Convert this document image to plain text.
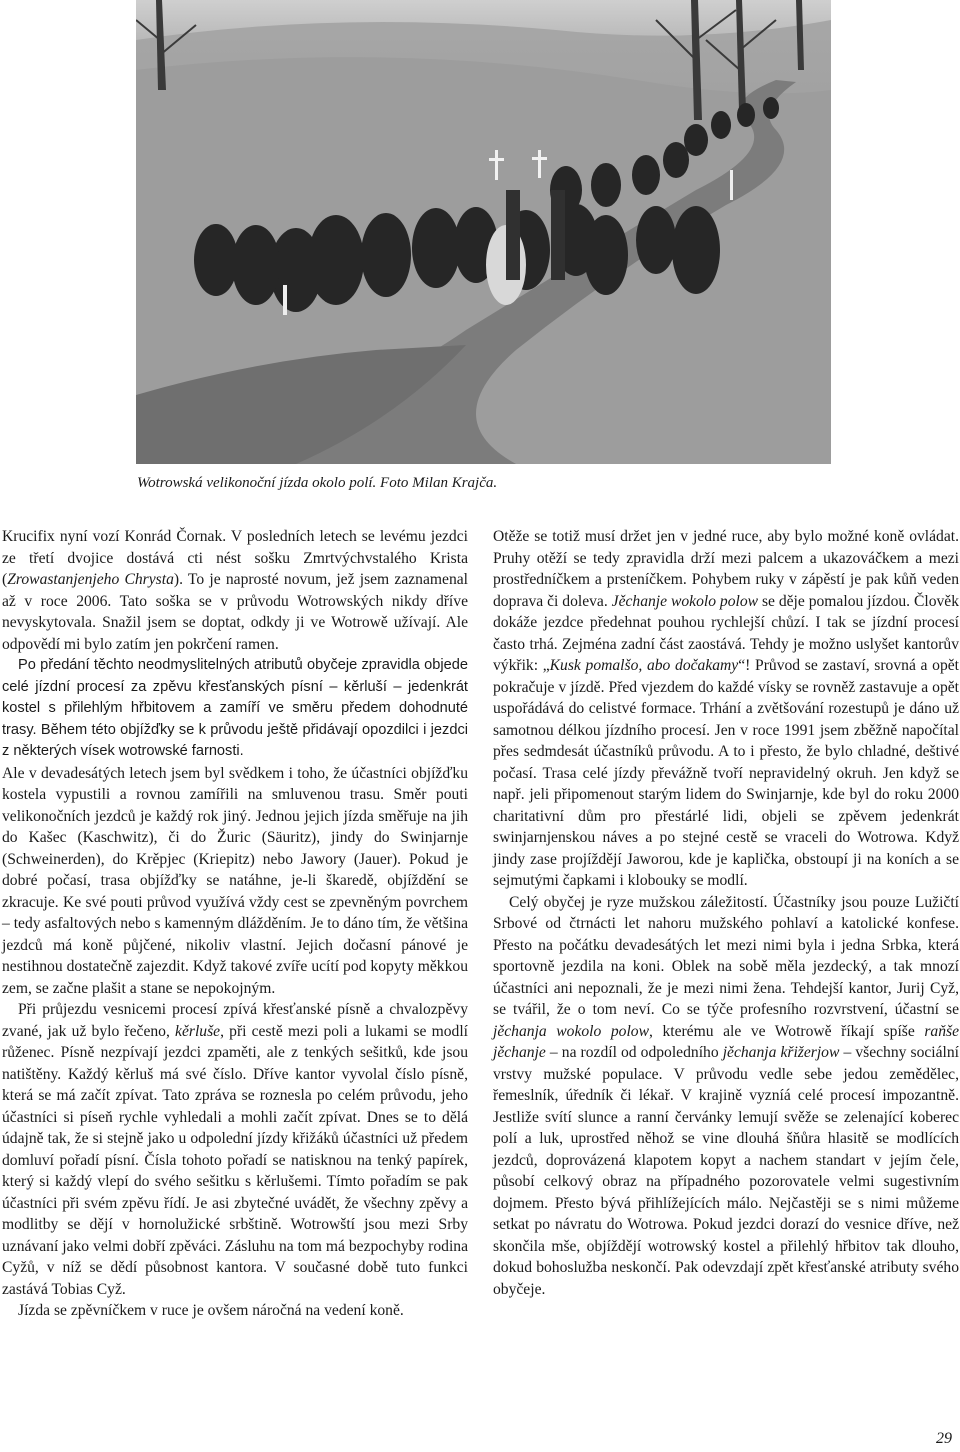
Wotrowská velikonoční jízda okolo polí. Foto Milan Krajča.

Krucifix nyní vozí Konrád Čornak. V posledních letech se levému jezdci ze třetí dvojice dostává cti nést sošku Zmrtvýchvstalého Krista (Zrowastanjenjeho Chrysta). To je naprosté novum, jež jsem zaznamenal až v roce 2006. Tato soška se v průvodu Wotrowských nikdy dříve nevyskytovala. Snažil jsem se doptat, odkdy ji ve Wotrowě užívají. Ale odpovědí mi bylo zatím jen pokrčení ramen.

Po předání těchto neodmyslitelných atributů obyčeje zpravidla objede celé jízdní procesí za zpěvu křesťanských písní – kěrluší – jedenkrát kostel s přilehlým hřbitovem a zamíří ve směru předem dohodnuté trasy. Během této objížďky se k průvodu ještě přidávají opozdilci i jezdci z některých vísek wotrowské farnosti.

Ale v devadesátých letech jsem byl svědkem i toho, že účastníci objížďku kostela vypustili a rovnou zamířili na smluvenou trasu. Směr pouti velikonočních jezdců je každý rok jiný. Jednou jejich jízda směřuje na jih do Kašec (Kaschwitz), či do Žuric (Säuritz), jindy do Swinjarnje (Schweinerden), do Krěpjec (Kriepitz) nebo Jawory (Jauer). Pokud je dobré počasí, trasa objížďky se natáhne, je-li škaredě, objíždění se zkracuje. Ke své pouti průvod využívá vždy cest se zpevněným povrchem – tedy asfaltových nebo s kamenným dlážděním. Je to dáno tím, že většina jezdců má koně půjčené, nikoliv vlastní. Jejich dočasní pánové je nestihnou dostatečně zajezdit. Když takové zvíře ucítí pod kopyty měkkou zem, se začne plašit a stane se nepokojným.

Při průjezdu vesnicemi procesí zpívá křesťanské písně a chvalozpěvy zvané, jak už bylo řečeno, kěrluše, při cestě mezi poli a lukami se modlí růženec. Písně nezpívají jezdci zpaměti, ale z tenkých sešitků, kde jsou natištěny. Každý kěrluš má své číslo. Dříve kantor vyvolal číslo písně, která se má začít zpívat. Tato zpráva se roznesla po celém průvodu, jeho účastníci si píseň rychle vyhledali a mohli začít zpívat. Dnes se to dělá údajně tak, že si stejně jako u odpolední jízdy křižáků účastníci už předem domluví pořadí písní. Čísla tohoto pořadí se natisknou na tenký papírek, který si každý vlepí do svého sešitku s kěrlušemi. Tímto pořadím se pak účastníci při svém zpěvu řídí. Je asi zbytečné uvádět, že všechny zpěvy a modlitby se dějí v hornolužické srbštině. Wotrowští jsou mezi Srby uznávaní jako velmi dobří zpěváci. Zásluhu na tom má bezpochyby rodina Cyžů, v níž se dědí působnost kantora. V současné době tuto funkci zastává Tobias Cyž.

Jízda se zpěvníčkem v ruce je ovšem náročná na vedení koně.

Otěže se totiž musí držet jen v jedné ruce, aby bylo možné koně ovládat. Pruhy otěží se tedy zpravidla drží mezi palcem a ukazováčkem a mezi prostředníčkem a prsteníčkem. Pohybem ruky v zápěstí je pak kůň veden doprava či doleva. Jěchanje wokolo polow se děje pomalou jízdou. Člověk dokáže jezdce předehnat pouhou rychlejší chůzí. I tak se jízdní procesí často trhá. Zejména zadní část zaostává. Tehdy je možno uslyšet kantorův výkřik: „Kusk pomalšo, abo dočakamy“! Průvod se zastaví, srovná a opět pokračuje v jízdě. Před vjezdem do každé vísky se rovněž zastavuje a opět uspořádává do celistvé formace. Trhání a zvětšování rozestupů je dáno už samotnou délkou jízdního procesí. Jen v roce 1991 jsem zběžně napočítal přes sedmdesát účastníků průvodu. A to i přesto, že bylo chladné, deštivé počasí. Trasa celé jízdy převážně tvoří nepravidelný okruh. Jen když se např. jeli připomenout starým lidem do Swinjarnje, kde byl do roku 2000 charitativní dům pro přestárlé lidi, objeli se zpěvem jedenkrát swinjarnjenskou náves a po stejné cestě se vraceli do Wotrowa. Když jindy zase projíždějí Jaworou, kde je kaplička, obstoupí ji na koních a se sejmutými čapkami i klobouky se modlí.

Celý obyčej je ryze mužskou záležitostí. Účastníky jsou pouze Lužičtí Srbové od čtrnácti let nahoru mužského pohlaví a katolické konfese. Přesto na počátku devadesátých let mezi nimi byla i jedna Srbka, která sportovně jezdila na koni. Oblek na sobě měla jezdecký, a tak mnozí účastníci ani nepoznali, že je mezi nimi žena. Tehdejší kantor, Jurij Cyž, se tvářil, že o tom neví. Co se týče profesního rozvrstvení, účastní se jěchanja wokolo polow, kterému ale ve Wotrowě říkají spíše raňše jěchanje – na rozdíl od odpoledního jěchanja křižerjow – všechny sociální vrstvy mužské populace. V průvodu vedle sebe jedou zemědělec, řemeslník, úředník či lékař. V krajině vyzníá celé procesí impozantně. Jestliže svítí slunce a ranní červánky lemují svěže se zelenající koberec polí a luk, uprostřed něhož se vine dlouhá šňůra hlasitě se modlících jezdců, doprovázená klapotem kopyt a nachem standart v jejím čele, působí celkový obraz na případného pozorovatele velmi sugestivním dojmem. Přesto bývá přihlížejících málo. Nejčastěji se s nimi můžeme setkat po návratu do Wotrowa. Pokud jezdci dorazí do vesnice dříve, než skončila mše, objíždějí wotrowský kostel a přilehlý hřbitov tak dlouho, dokud bohoslužba neskončí. Pak odevzdají zpět křesťanské atributy svého obyčeje.

29
